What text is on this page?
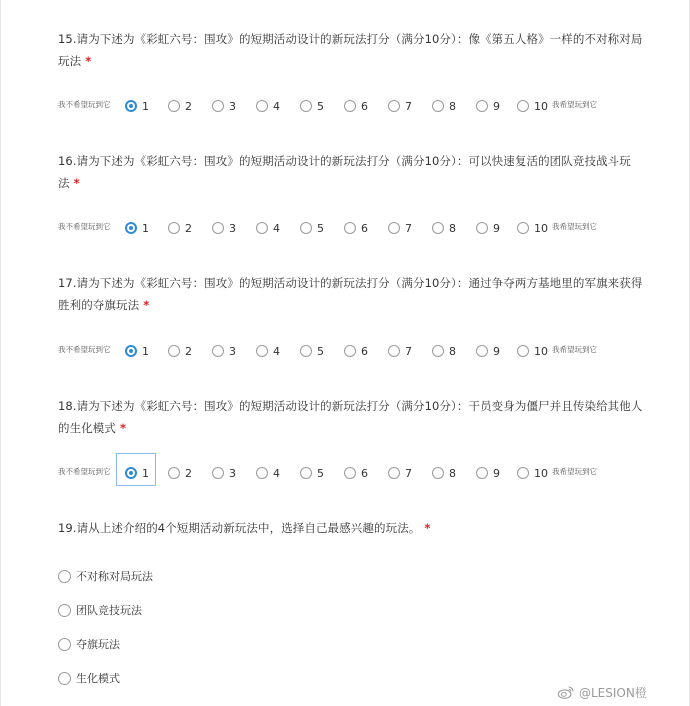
15.请为下述为《彩虹六号：围攻》的短期活动设计的新玩法打分（满分10分）：像《第五人格》一样的不对称对局
玩法 *
我不希望玩到它	我希望玩到它
1	2	3	4	5	6	7	8	9	10
16.请为下述为《彩虹六号：围攻》的短期活动设计的新玩法打分（满分10分）：可以快速复活的团队竞技战斗玩
法 *
我不希望玩到它	我希望玩到它
1	2	3	4	5	6	7	8	9	10
17.请为下述为《彩虹六号：围攻》的短期活动设计的新玩法打分（满分10分）：通过争夺两方基地里的军旗来获得
胜利的夺旗玩法 *
我不希望玩到它	我希望玩到它
1	2	3	4	5	6	7	8	9	10
18.请为下述为《彩虹六号：围攻》的短期活动设计的新玩法打分（满分10分）：干员变身为僵尸并且传染给其他人
的生化模式 *
我不希望玩到它	我希望玩到它
1	2	3	4	5	6	7	8	9	10
19.请从上述介绍的4个短期活动新玩法中，选择自己最感兴趣的玩法。 *
不对称对局玩法
团队竞技玩法
夺旗玩法
生化模式
@LESION橙
